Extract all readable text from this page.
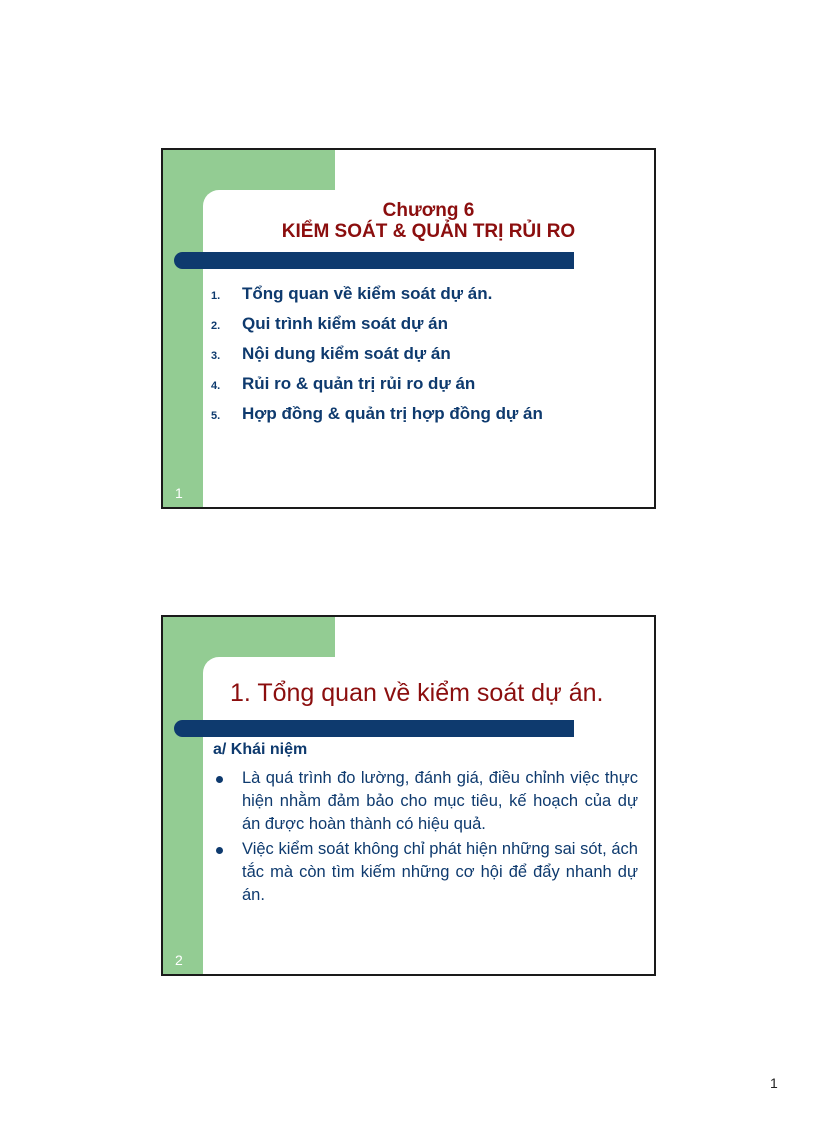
Chương 6
KIỂM SOÁT & QUẢN TRỊ RỦI RO
1.	Tổng quan về kiểm soát dự án.
2.	Qui trình kiểm soát dự án
3.	Nội dung kiểm soát dự án
4.	Rủi ro & quản trị rủi ro dự án
5.	Hợp đồng & quản trị hợp đồng dự án
1
1. Tổng quan về kiểm soát dự án.
a/ Khái niệm
Là quá trình đo lường, đánh giá, điều chỉnh việc thực hiện nhằm đảm bảo cho mục tiêu, kế hoạch của dự án được hoàn thành có hiệu quả.
Việc kiểm soát không chỉ phát hiện những sai sót, ách tắc mà còn tìm kiếm những cơ hội để đẩy nhanh dự án.
2
1
